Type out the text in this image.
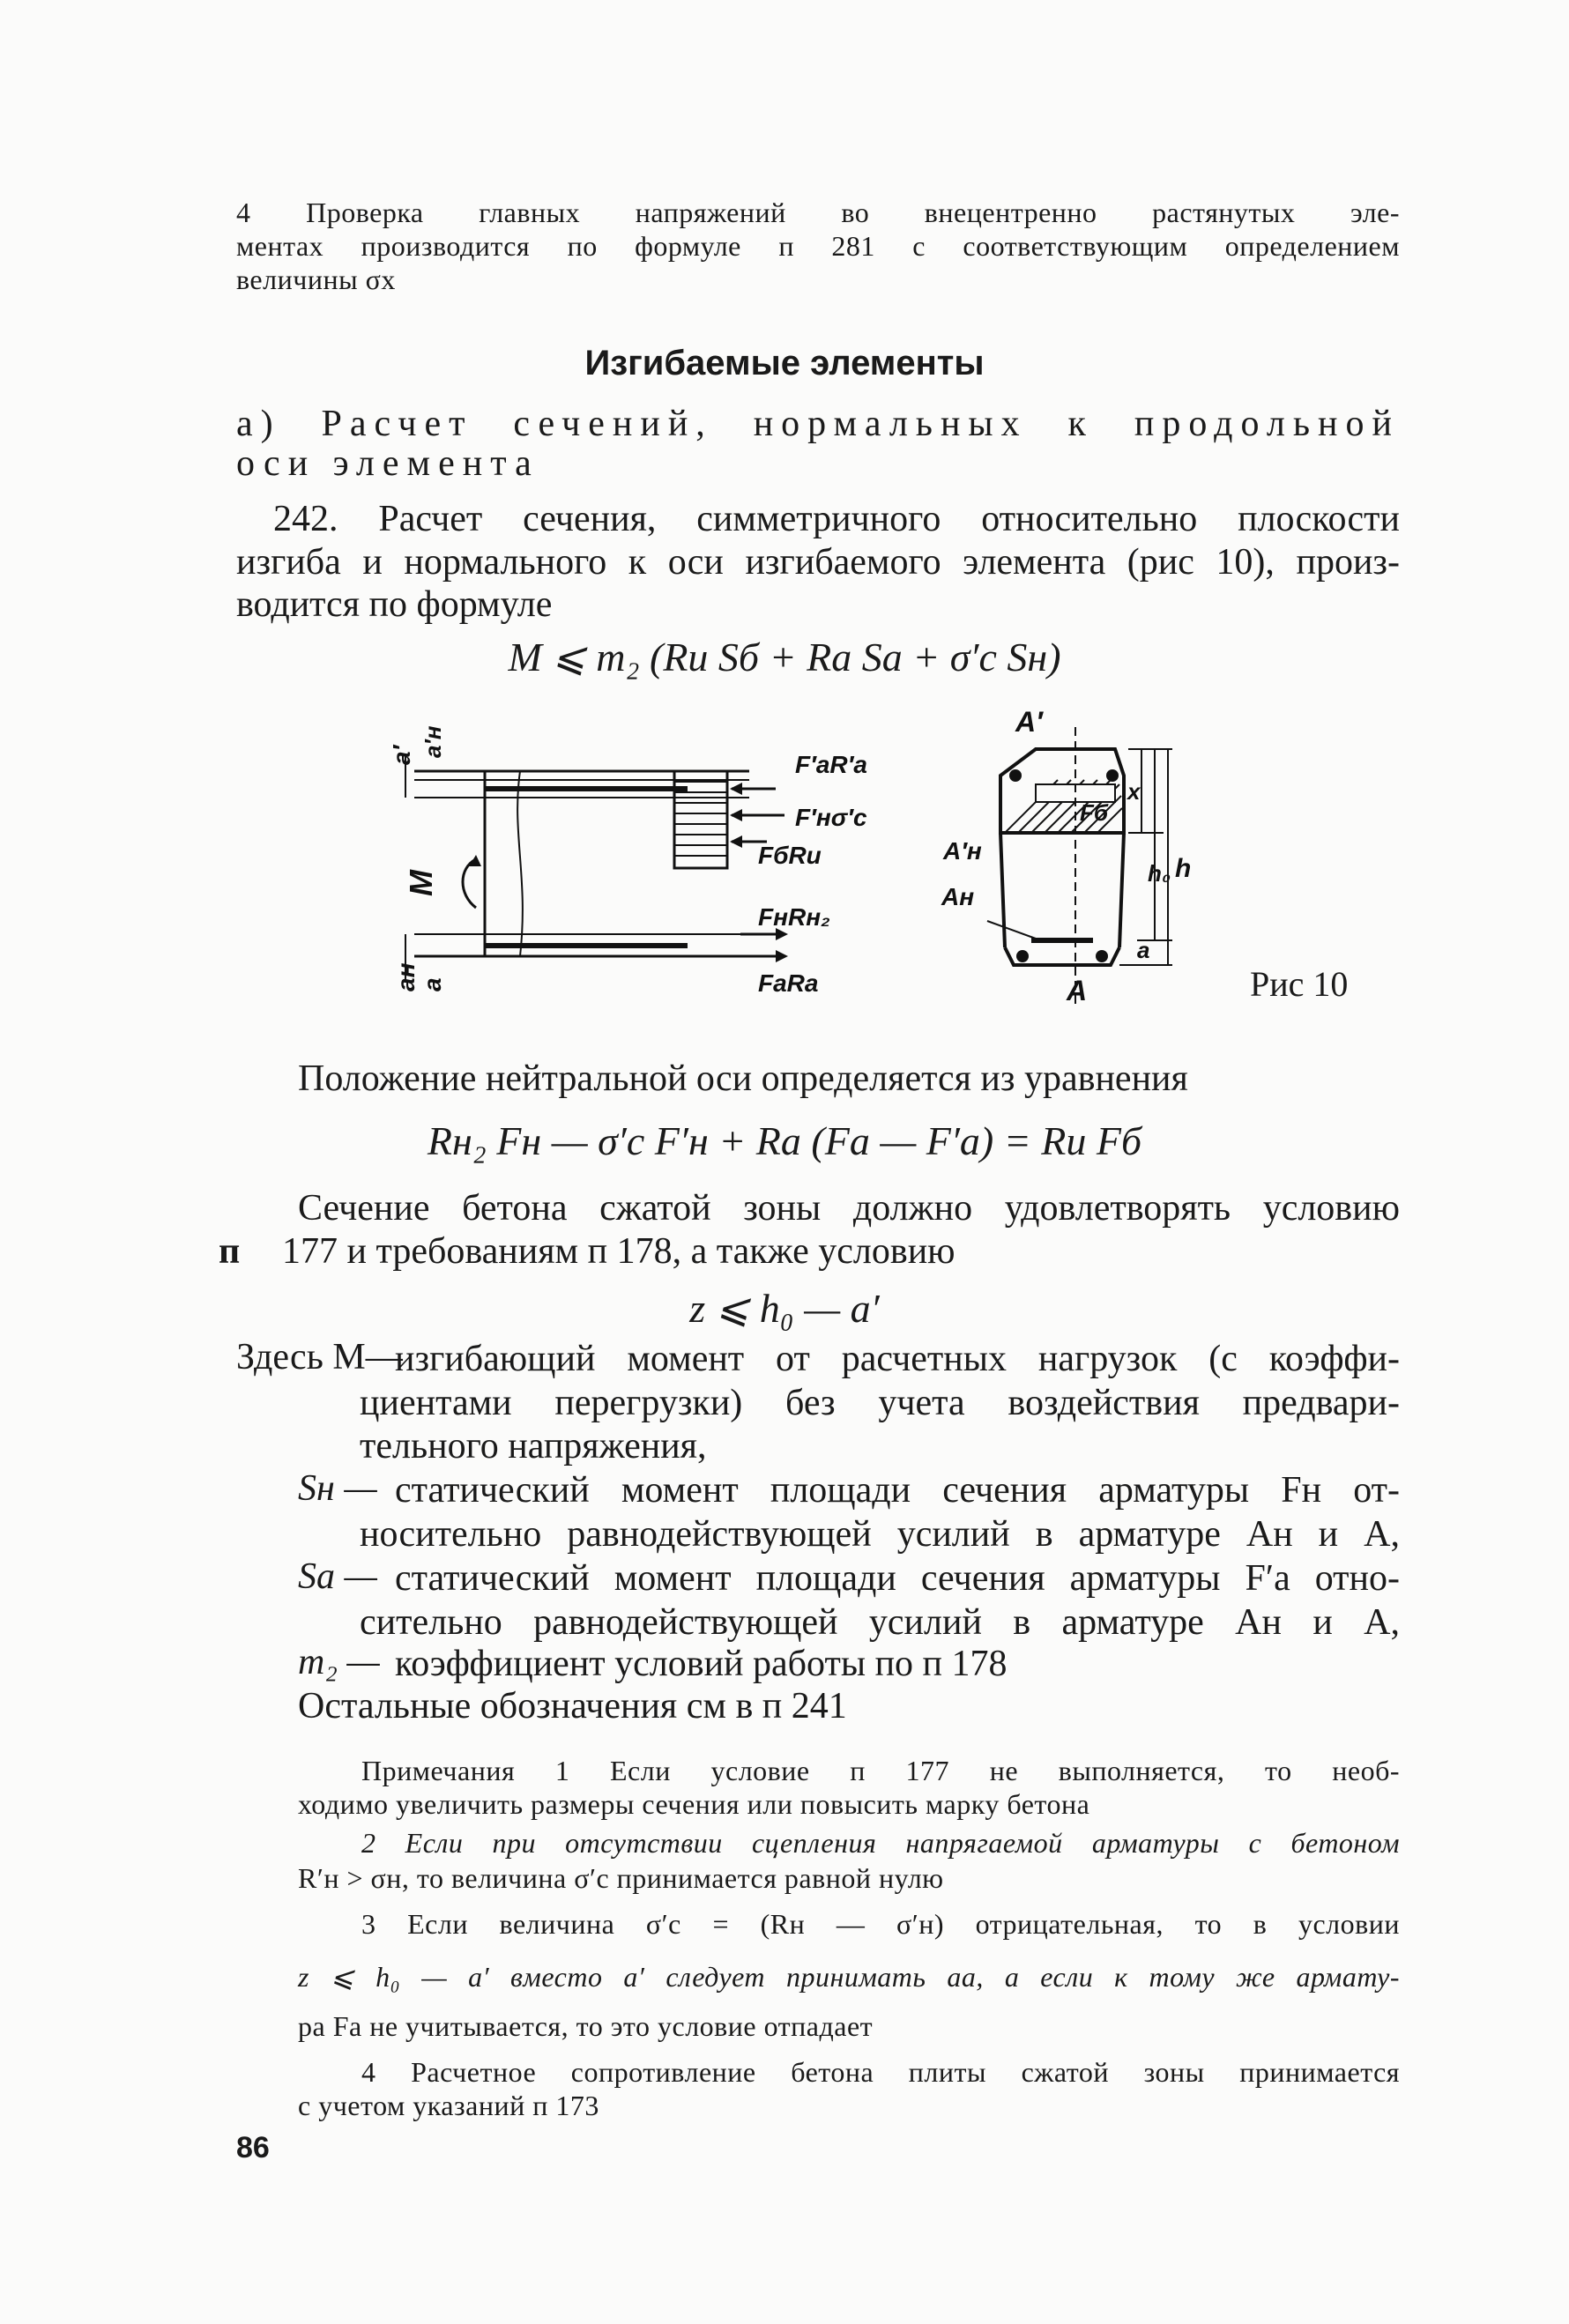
4 Проверка главных напряжений во внецентренно растянутых эле-
ментах производится по формуле п 281 с соответствующим определением
величины σx
Изгибаемые элементы
а) Расчет сечений, нормальных к продольной
оси элемента
242. Расчет сечения, симметричного относительно плоскости
изгиба и нормального к оси изгибаемого элемента (рис 10), произ-
водится по формуле
M ⩽ m₂ (Rи Sб + Rа Sа + σ′с Sн)
a′ a′н
aн a
M
F′аR′а
F′нσ′с
FбRи
FнRн₂
FаRа
A′
A′н
Aн
A
Fб
x
h₀ h
a
Рис 10
Положение нейтральной оси определяется из уравнения
Rн₂ Fн — σ′с F′н + Rа (Fа — F′а) = Rи Fб
Сечение бетона сжатой зоны должно удовлетворять условию
п 177 и требованиям п 178, а также условию
z ⩽ h₀ — a′
Здесь M—
изгибающий момент от расчетных нагрузок (с коэффи-
циентами перегрузки) без учета воздействия предвари-
тельного напряжения,
Sн — статический момент площади сечения арматуры Fн от-
носительно равнодействующей усилий в арматуре Aн и A,
Sа — статический момент площади сечения арматуры F′а отно-
сительно равнодействующей усилий в арматуре Aн и A,
m₂ — коэффициент условий работы по п 178
Остальные обозначения см в п 241
Примечания 1 Если условие п 177 не выполняется, то необ-
ходимо увеличить размеры сечения или повысить марку бетона
2 Если при отсутствии сцепления напрягаемой арматуры с бетоном
R′н > σн, то величина σ′с принимается равной нулю
3 Если величина σ′с = (Rн — σ′н) отрицательная, то в условии
z ⩽ h₀ — a′ вместо a′ следует принимать aа, а если к тому же армату-
ра Fа не учитывается, то это условие отпадает
4 Расчетное сопротивление бетона плиты сжатой зоны принимается
с учетом указаний п 173
86
